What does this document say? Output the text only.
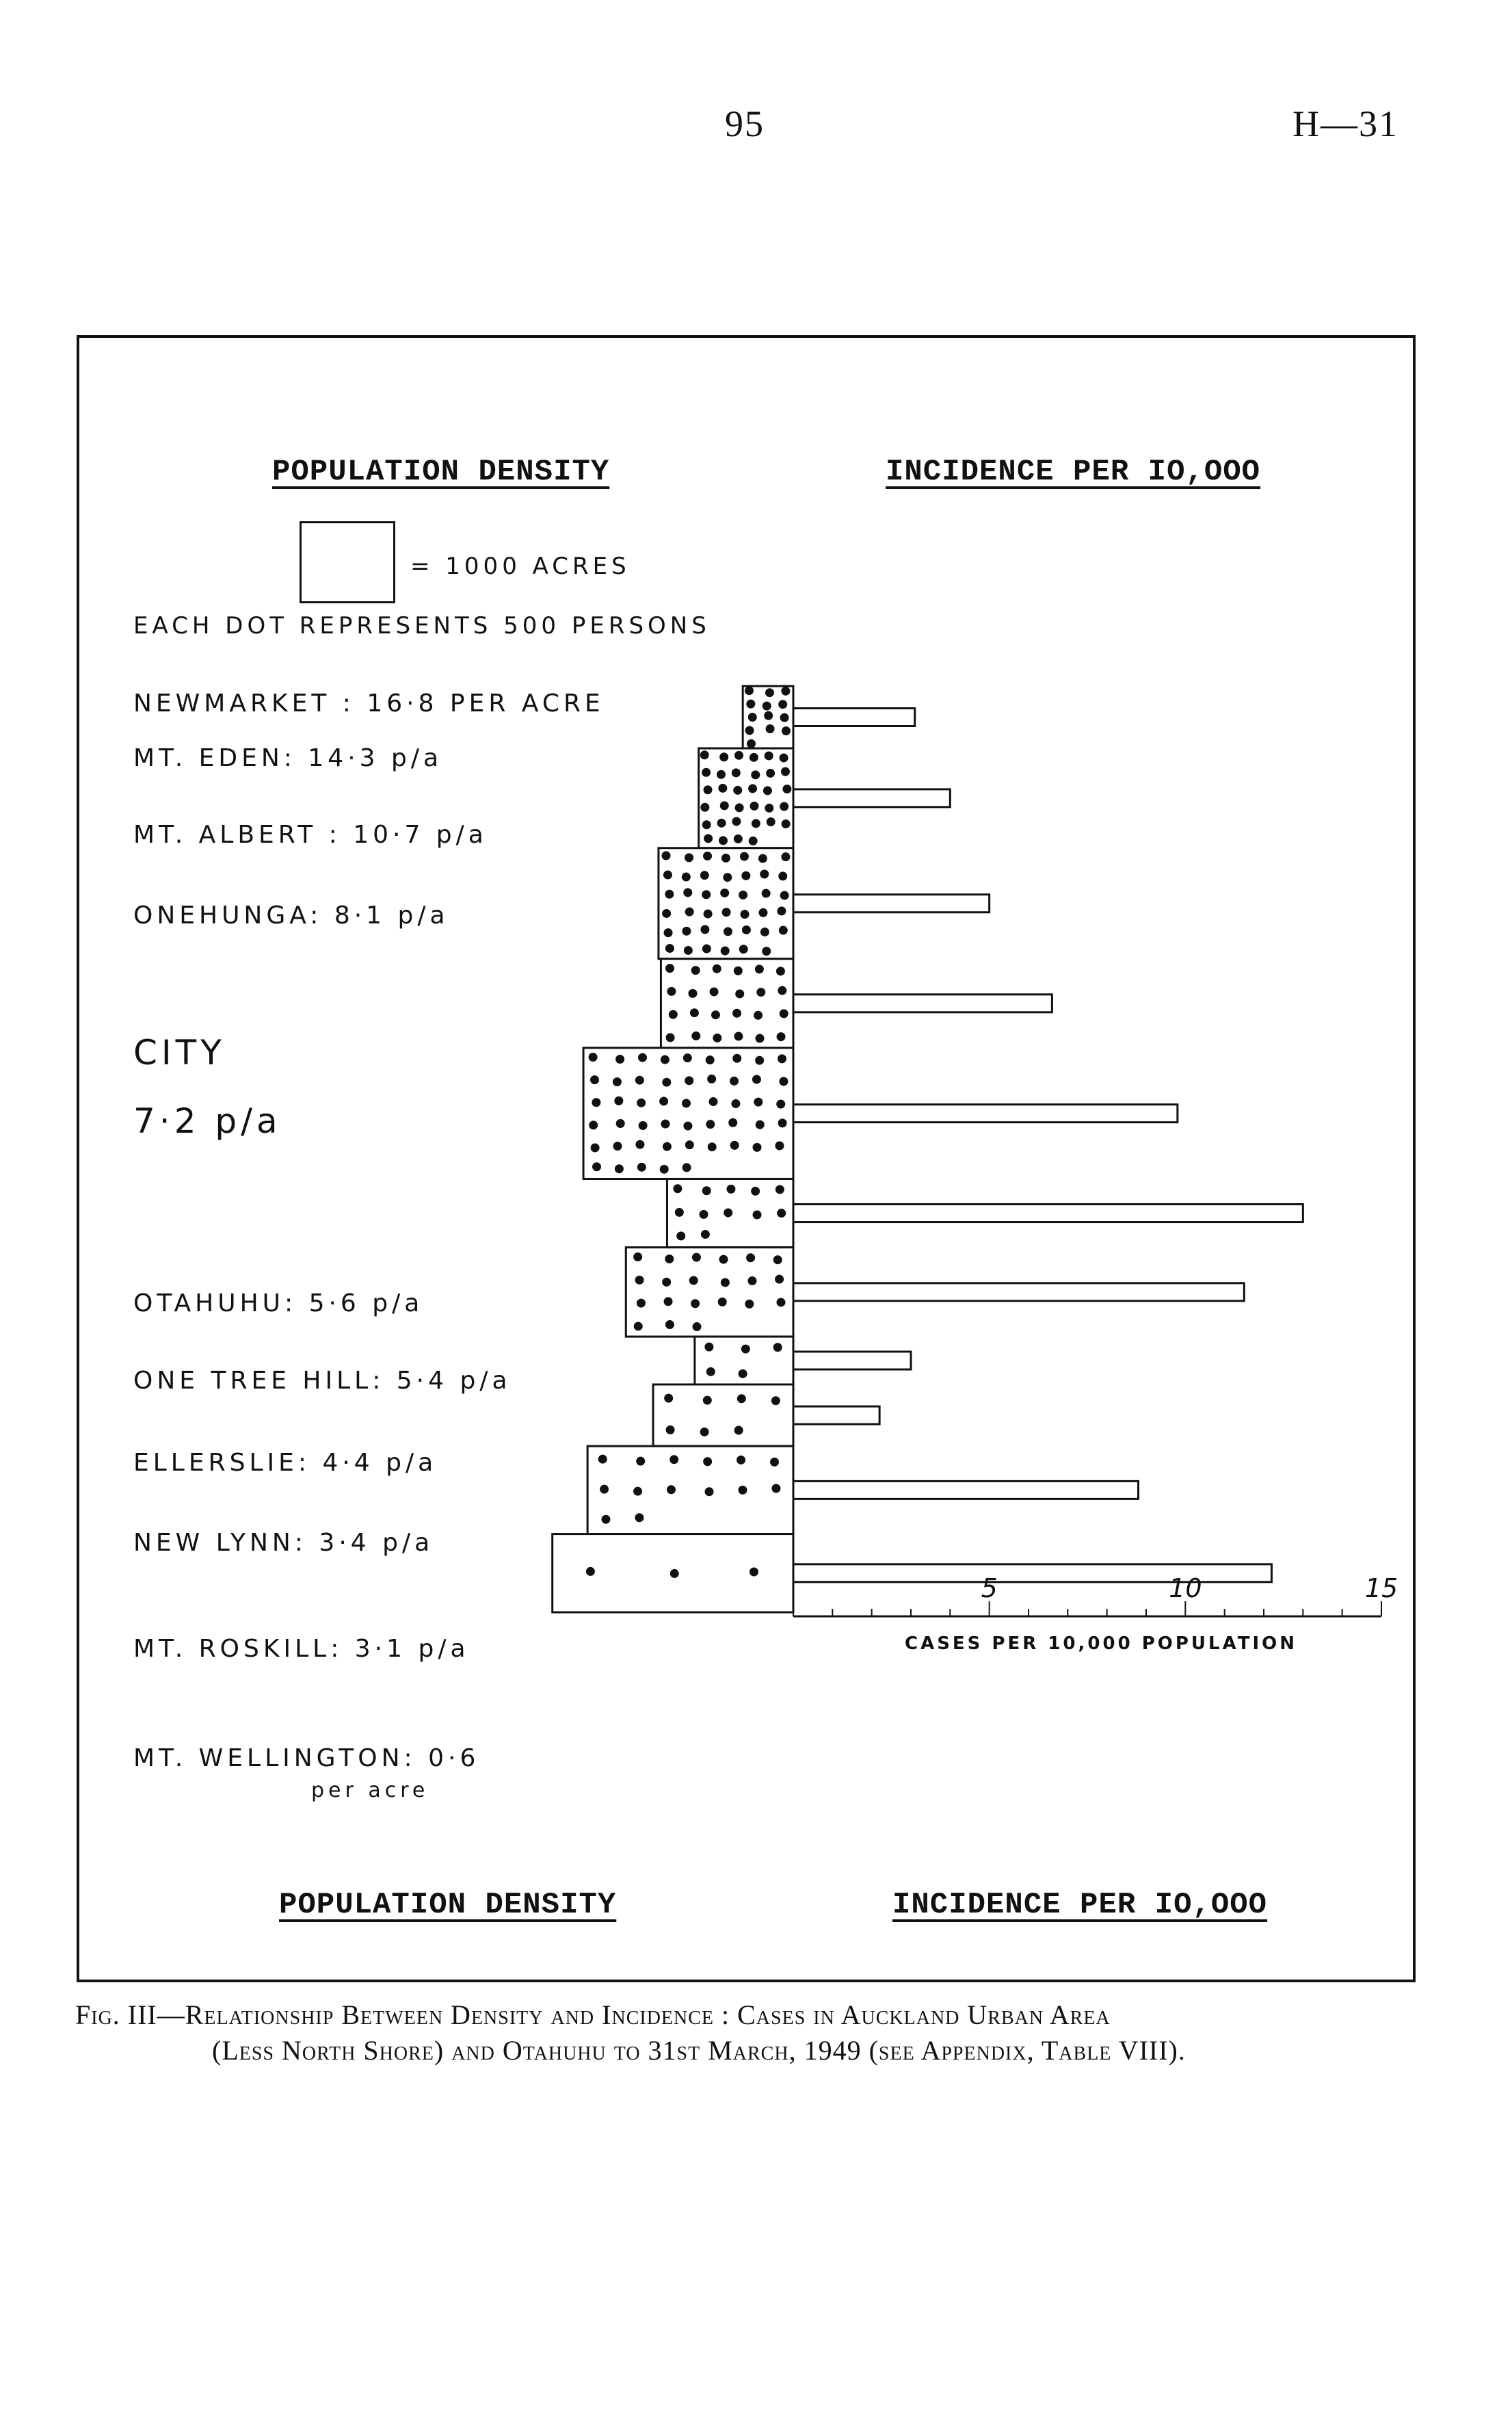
95	H—31
POPULATION DENSITY	INCIDENCE PER IO,OOO
= 1000 ACRES
EACH DOT REPRESENTS 500 PERSONS
NEWMARKET : 16·8 PER ACRE
MT. EDEN: 14·3 p/a
MT. ALBERT : 10·7 p/a
ONEHUNGA: 8·1 p/a
CITY
7·2 p/a
OTAHUHU: 5·6 p/a
ONE TREE HILL: 5·4 p/a
ELLERSLIE: 4·4 p/a
NEW LYNN: 3·4 p/a
MT. ROSKILL: 3·1 p/a
MT. WELLINGTON: 0·6
per acre
5	10	15
CASES PER 10,000 POPULATION
POPULATION DENSITY	INCIDENCE PER IO,OOO
Fig. III—Relationship Between Density and Incidence : Cases in Auckland Urban Area
(Less North Shore) and Otahuhu to 31st March, 1949 (see Appendix, Table VIII).
